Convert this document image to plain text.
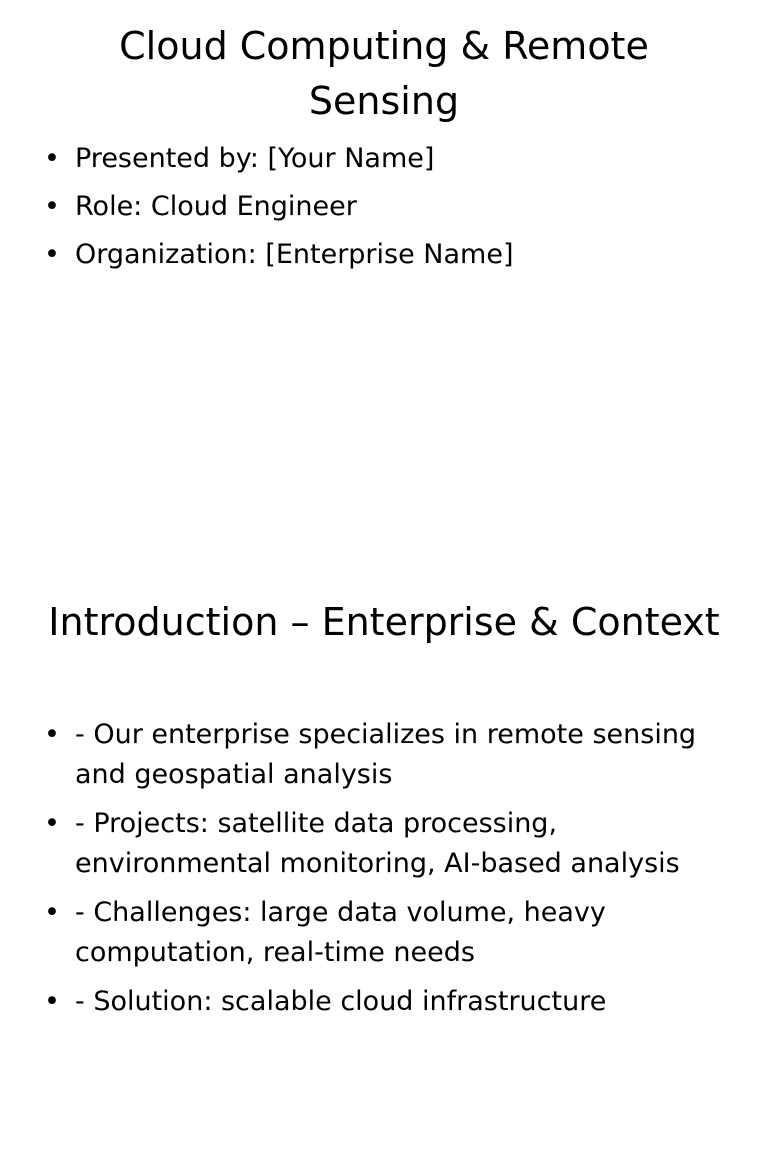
Cloud Computing & Remote Sensing
• Presented by: [Your Name]
• Role: Cloud Engineer
• Organization: [Enterprise Name]
Introduction – Enterprise & Context
• - Our enterprise specializes in remote sensing and geospatial analysis
• - Projects: satellite data processing, environmental monitoring, AI-based analysis
• - Challenges: large data volume, heavy computation, real-time needs
• - Solution: scalable cloud infrastructure
